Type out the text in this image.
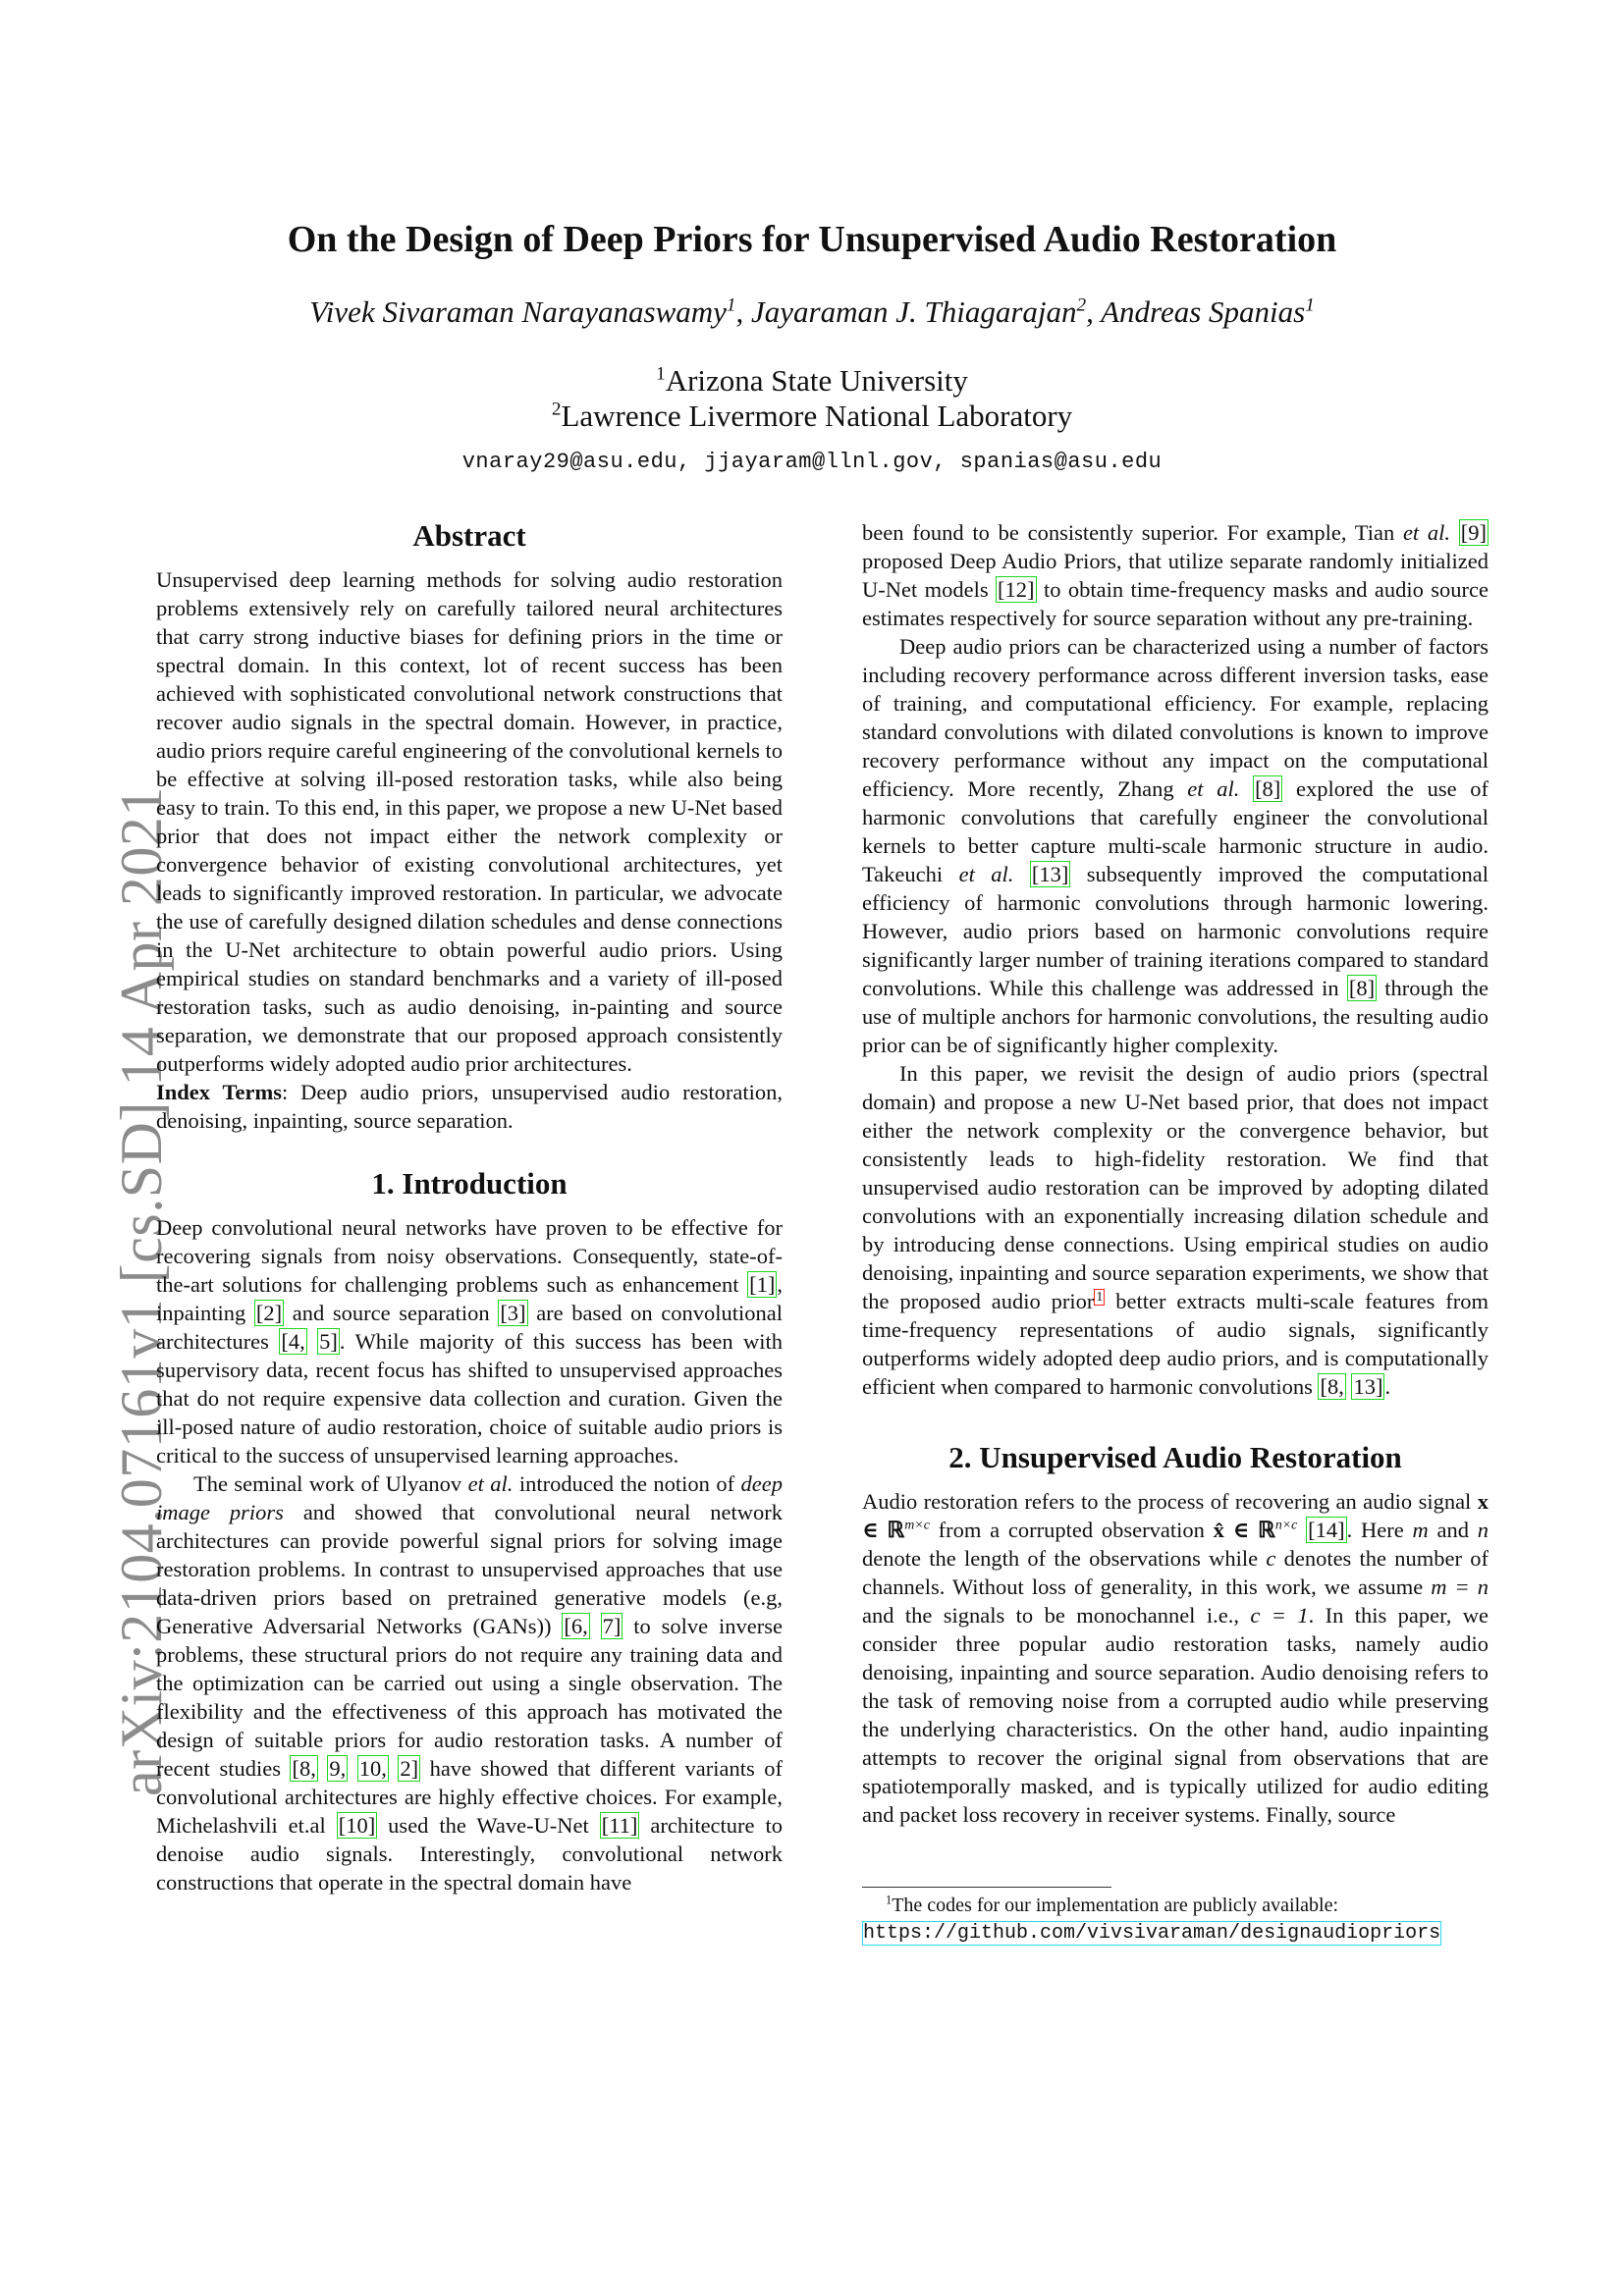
arXiv:2104.07161v1 [cs.SD] 14 Apr 2021
On the Design of Deep Priors for Unsupervised Audio Restoration
Vivek Sivaraman Narayanaswamy$^1$, Jayaraman J. Thiagarajan$^2$, Andreas Spanias$^1$
$^1$Arizona State University
$^2$Lawrence Livermore National Laboratory
vnaray29@asu.edu, jjayaram@llnl.gov, spanias@asu.edu
Abstract

Unsupervised deep learning methods for solving audio restoration problems extensively rely on carefully tailored neural architectures that carry strong inductive biases for defining priors in the time or spectral domain. In this context, lot of recent success has been achieved with sophisticated convolutional network constructions that recover audio signals in the spectral domain. However, in practice, audio priors require careful engineering of the convolutional kernels to be effective at solving ill-posed restoration tasks, while also being easy to train. To this end, in this paper, we propose a new U-Net based prior that does not impact either the network complexity or convergence behavior of existing convolutional architectures, yet leads to significantly improved restoration. In particular, we advocate the use of carefully designed dilation schedules and dense connections in the U-Net architecture to obtain powerful audio priors. Using empirical studies on standard benchmarks and a variety of ill-posed restoration tasks, such as audio denoising, in-painting and source separation, we demonstrate that our proposed approach consistently outperforms widely adopted audio prior architectures.

Index Terms: Deep audio priors, unsupervised audio restoration, denoising, inpainting, source separation.

1. Introduction

Deep convolutional neural networks have proven to be effective for recovering signals from noisy observations. Consequently, state-of-the-art solutions for challenging problems such as enhancement [1], inpainting [2] and source separation [3] are based on convolutional architectures [4, 5]. While majority of this success has been with supervisory data, recent focus has shifted to unsupervised approaches that do not require expensive data collection and curation. Given the ill-posed nature of audio restoration, choice of suitable audio priors is critical to the success of unsupervised learning approaches.

The seminal work of Ulyanov et al. introduced the notion of deep image priors and showed that convolutional neural network architectures can provide powerful signal priors for solving image restoration problems. In contrast to unsupervised approaches that use data-driven priors based on pretrained generative models (e.g, Generative Adversarial Networks (GANs)) [6, 7] to solve inverse problems, these structural priors do not require any training data and the optimization can be carried out using a single observation. The flexibility and the effectiveness of this approach has motivated the design of suitable priors for audio restoration tasks. A number of recent studies [8, 9, 10, 2] have showed that different variants of convolutional architectures are highly effective choices. For example, Michelashvili et.al [10] used the Wave-U-Net [11] architecture to denoise audio signals. Interestingly, convolutional network constructions that operate in the spectral domain have

been found to be consistently superior. For example, Tian et al. [9] proposed Deep Audio Priors, that utilize separate randomly initialized U-Net models [12] to obtain time-frequency masks and audio source estimates respectively for source separation without any pre-training.

Deep audio priors can be characterized using a number of factors including recovery performance across different inversion tasks, ease of training, and computational efficiency. For example, replacing standard convolutions with dilated convolutions is known to improve recovery performance without any impact on the computational efficiency. More recently, Zhang et al. [8] explored the use of harmonic convolutions that carefully engineer the convolutional kernels to better capture multi-scale harmonic structure in audio. Takeuchi et al. [13] subsequently improved the computational efficiency of harmonic convolutions through harmonic lowering. However, audio priors based on harmonic convolutions require significantly larger number of training iterations compared to standard convolutions. While this challenge was addressed in [8] through the use of multiple anchors for harmonic convolutions, the resulting audio prior can be of significantly higher complexity.

In this paper, we revisit the design of audio priors (spectral domain) and propose a new U-Net based prior, that does not impact either the network complexity or the convergence behavior, but consistently leads to high-fidelity restoration. We find that unsupervised audio restoration can be improved by adopting dilated convolutions with an exponentially increasing dilation schedule and by introducing dense connections. Using empirical studies on audio denoising, inpainting and source separation experiments, we show that the proposed audio prior $^1$ better extracts multi-scale features from time-frequency representations of audio signals, significantly outperforms widely adopted deep audio priors, and is computationally efficient when compared to harmonic convolutions [8, 13].

2. Unsupervised Audio Restoration

Audio restoration refers to the process of recovering an audio signal x ∈ ℝ$^{m\times c}$ from a corrupted observation x̂ ∈ ℝ$^{n\times c}$ [14]. Here m and n denote the length of the observations while c denotes the number of channels. Without loss of generality, in this work, we assume m = n and the signals to be monochannel i.e., c = 1. In this paper, we consider three popular audio restoration tasks, namely audio denoising, inpainting and source separation. Audio denoising refers to the task of removing noise from a corrupted audio while preserving the underlying characteristics. On the other hand, audio inpainting attempts to recover the original signal from observations that are spatiotemporally masked, and is typically utilized for audio editing and packet loss recovery in receiver systems. Finally, source

$^1$The codes for our implementation are publicly available: https://github.com/vivsivaraman/designaudiopriors
